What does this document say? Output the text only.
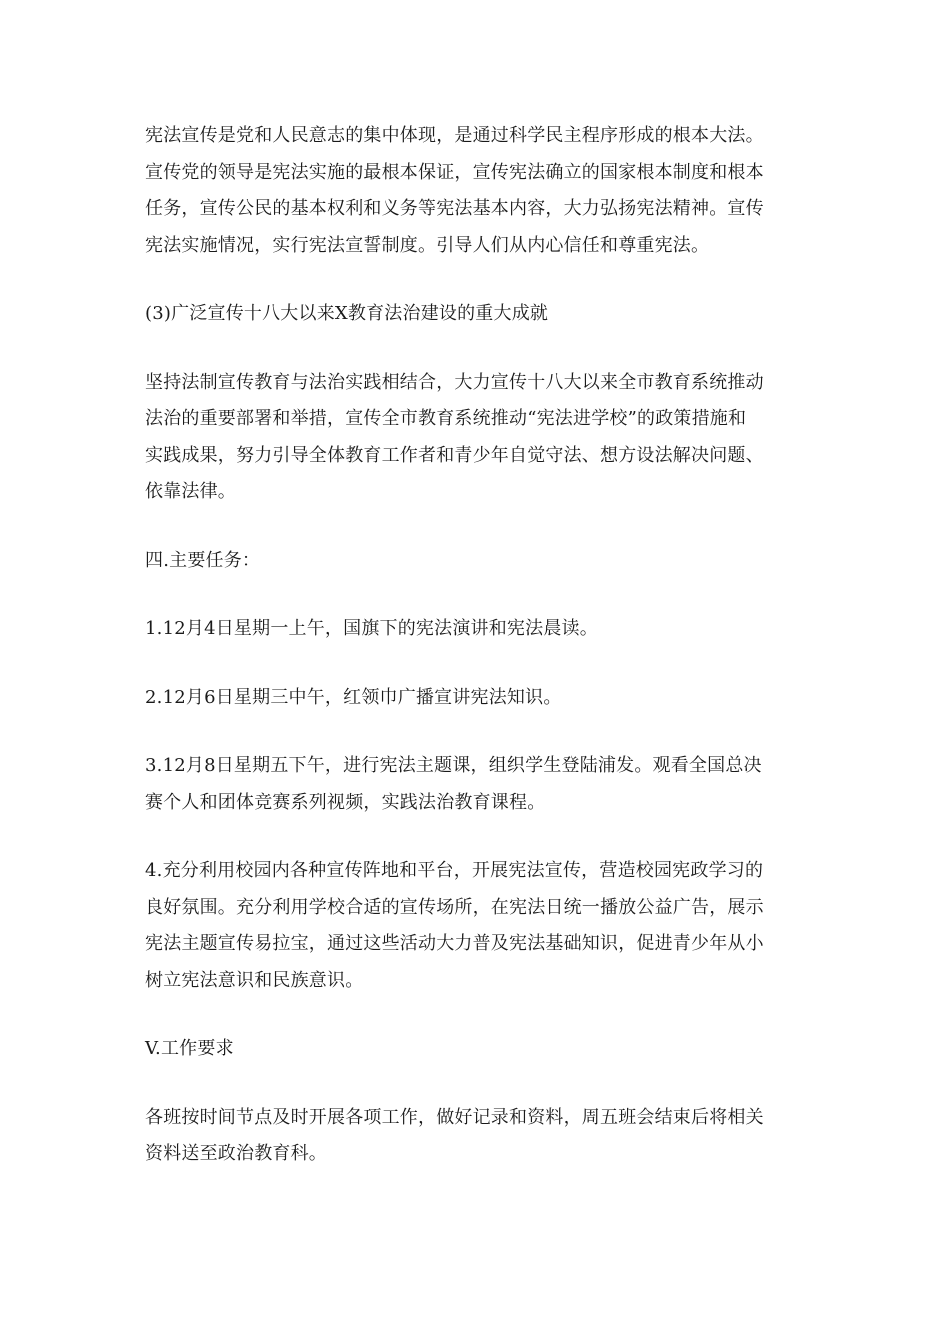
宪法宣传是党和人民意志的集中体现，是通过科学民主程序形成的根本大法。
宣传党的领导是宪法实施的最根本保证，宣传宪法确立的国家根本制度和根本
任务，宣传公民的基本权利和义务等宪法基本内容，大力弘扬宪法精神。宣传
宪法实施情况，实行宪法宣誓制度。引导人们从内心信任和尊重宪法。

(3)广泛宣传十八大以来X教育法治建设的重大成就

坚持法制宣传教育与法治实践相结合，大力宣传十八大以来全市教育系统推动
法治的重要部署和举措，宣传全市教育系统推动“宪法进学校”的政策措施和
实践成果，努力引导全体教育工作者和青少年自觉守法、想方设法解决问题、
依靠法律。

四.主要任务：

1.12月4日星期一上午，国旗下的宪法演讲和宪法晨读。

2.12月6日星期三中午，红领巾广播宣讲宪法知识。

3.12月8日星期五下午，进行宪法主题课，组织学生登陆浦发。观看全国总决
赛个人和团体竞赛系列视频，实践法治教育课程。

4.充分利用校园内各种宣传阵地和平台，开展宪法宣传，营造校园宪政学习的
良好氛围。充分利用学校合适的宣传场所，在宪法日统一播放公益广告，展示
宪法主题宣传易拉宝，通过这些活动大力普及宪法基础知识，促进青少年从小
树立宪法意识和民族意识。

V.工作要求

各班按时间节点及时开展各项工作，做好记录和资料，周五班会结束后将相关
资料送至政治教育科。
